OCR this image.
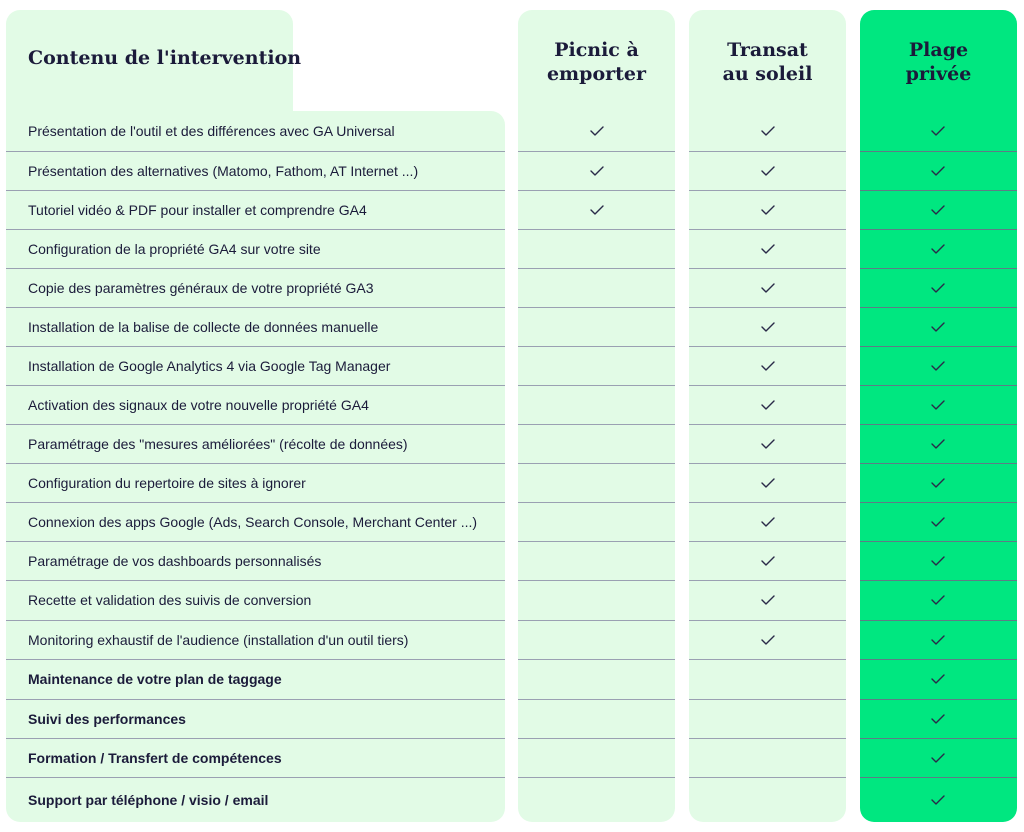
Contenu de l'intervention	Picnic à
emporter
Transat
au soleil
Plage
privée
Présentation de l'outil et des différences avec GA Universal
Présentation des alternatives (Matomo, Fathom, AT Internet ...)
Tutoriel vidéo & PDF pour installer et comprendre GA4
Configuration de la propriété GA4 sur votre site
Copie des paramètres généraux de votre propriété GA3
Installation de la balise de collecte de données manuelle
Installation de Google Analytics 4 via Google Tag Manager
Activation des signaux de votre nouvelle propriété GA4
Paramétrage des "mesures améliorées" (récolte de données)
Configuration du repertoire de sites à ignorer
Connexion des apps Google (Ads, Search Console, Merchant Center ...)
Paramétrage de vos dashboards personnalisés
Recette et validation des suivis de conversion
Monitoring exhaustif de l'audience (installation d'un outil tiers)
Maintenance de votre plan de taggage
Suivi des performances
Formation / Transfert de compétences
Support par téléphone / visio / email
